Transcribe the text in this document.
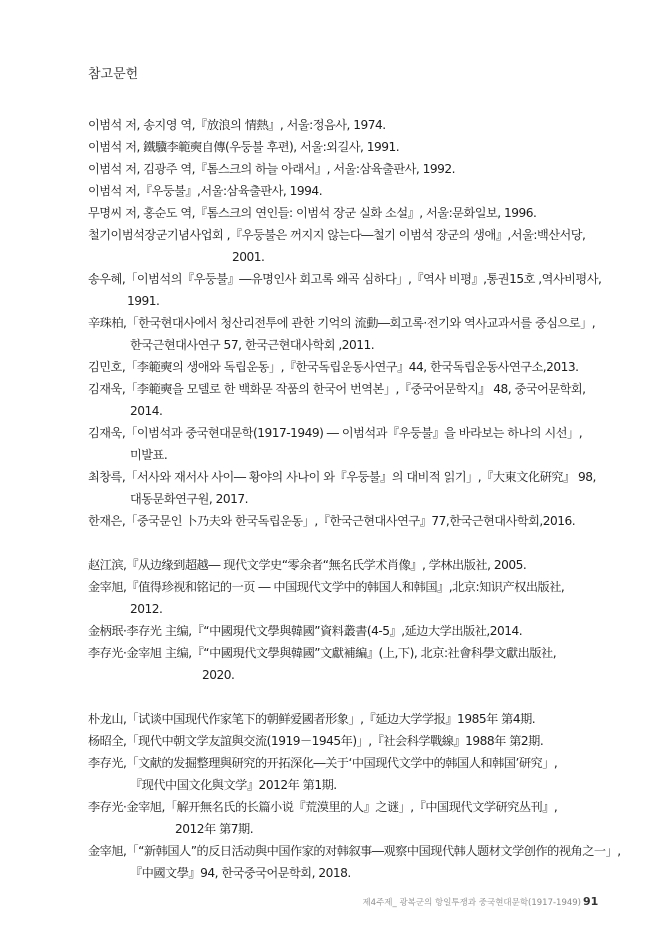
참고문헌
이범석 저, 송지영 역,『放浪의 情熱』, 서울:정음사, 1974.
이범석 저, 鐵驥李範奭自傳(우둥불 후편), 서울:외길사, 1991.
이범석 저, 김광주 역,『톰스크의 하늘 아래서』, 서울:삼육출판사, 1992.
이범석 저,『우둥불』,서울:삼육출판사, 1994.
무명씨 저, 홍순도 역,『톰스크의 연인들: 이범석 장군 실화 소설』, 서울:문화일보, 1996.
철기이범석장군기념사업회 ,『우둥불은 꺼지지 않는다―철기 이범석 장군의 생애』,서울:백산서당,
2001.
송우혜,「이범석의『우둥불』―유명인사 회고록 왜곡 심하다」,『역사 비평』,통권15호 ,역사비평사,
1991.
辛珠柏,「한국현대사에서 청산리전투에 관한 기억의 流動―회고록·전기와 역사교과서를 중심으로」,
한국근현대사연구 57, 한국근현대사학회 ,2011.
김민호,「李範奭의 생애와 독립운동」,『한국독립운동사연구』44, 한국독립운동사연구소,2013.
김재욱,「李範奭을 모델로 한 백화문 작품의 한국어 번역본」,『중국어문학지』 48, 중국어문학회,
2014.
김재욱,「이범석과 중국현대문학(1917-1949) ― 이범석과『우둥불』을 바라보는 하나의 시선」,
미발표.
최창륵,「서사와 재서사 사이― 황야의 사나이 와『우둥불』의 대비적 읽기」,『大東文化硏究』 98,
대동문화연구원, 2017.
한재은,「중국문인 卜乃夫와 한국독립운동」,『한국근현대사연구』77,한국근현대사학회,2016.
赵江滨,『从边缘到超越― 现代文学史“零余者“無名氏学术肖像』, 学林出版社, 2005.
金宰旭,『值得珍视和铭记的一页 ― 中国现代文学中的韩国人和韩国』,北京:知识产权出版社,
2012.
金柄珉·李存光 主编,『“中國現代文學與韓國”資料叢書(4-5』,延边大学出版社,2014.
李存光·金宰旭 主编,『“中國現代文學與韓國”文獻補編』(上,下), 北京:社會科學文獻出版社,
2020.
朴龙山,「试谈中国现代作家笔下的朝鲜爱國者形象」,『延边大学学报』1985年 第4期.
杨昭全,「现代中朝文学友誼與交流(1919－1945年)」,『社会科学戰線』1988年 第2期.
李存光,「文献的发掘整理與研究的开拓深化―关于‘中国现代文学中的韩国人和韩国’研究」,
『现代中国文化與文学』2012年 第1期.
李存光·金宰旭,「解开無名氏的长篇小说『荒漠里的人』之谜」,『中国现代文学研究丛刊』,
2012年 第7期.
金宰旭,「“新韩国人”的反日活动與中国作家的对韩叙事―观察中国现代韩人题材文学创作的视角之一」,
『中國文學』94, 한국중국어문학회, 2018.
제4주제_ 광복군의 항일투쟁과 중국현대문학(1917-1949) 91
